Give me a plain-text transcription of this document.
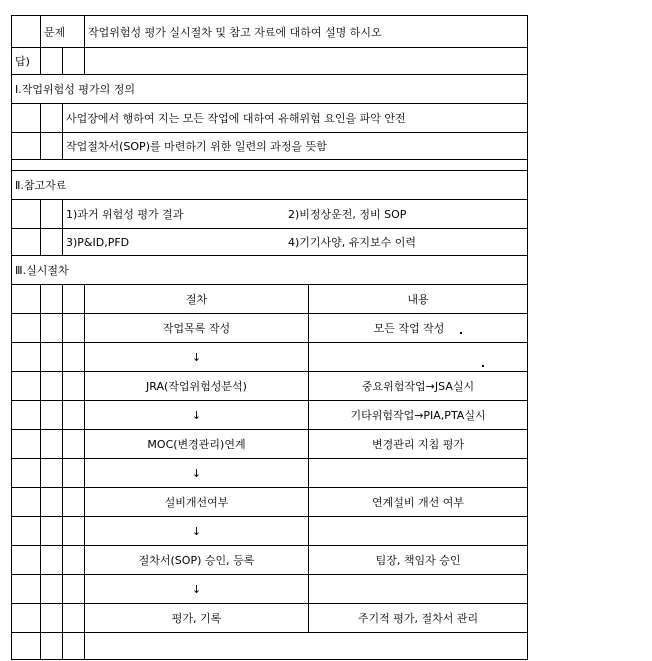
	문제		작업위험성 평가 실시절차 및 참고 자료에 대하여 설명 하시오	
답)				
Ⅰ.작업위험성 평가의 정의				
		사업장에서 행하여 지는 모든 작업에 대하여 유해위험 요인을 파악 안전		
		작업절차서(SOP)를 마련하기 위한 일련의 과정을 뜻함		

Ⅱ.참고자료				
		1)과거 위험성 평가 결과 2)비정상운전, 정비 SOP		
		3)P&ID,PFD 4)기기사양, 유지보수 이력		
Ⅲ.실시절차				
			절차	내용
			작업목록 작성	모든 작업 작성
			↓	
			JRA(작업위험성분석)	중요위험작업→JSA실시
			↓	기타위험작업→PIA,PTA실시
			MOC(변경관리)연계	변경관리 지침 평가
			↓	
			설비개선여부	연계설비 개선 여부
			↓	
			절차서(SOP) 승인, 등록	팀장, 책임자 승인
			↓	
			평가, 기록	주기적 평가, 절차서 관리
